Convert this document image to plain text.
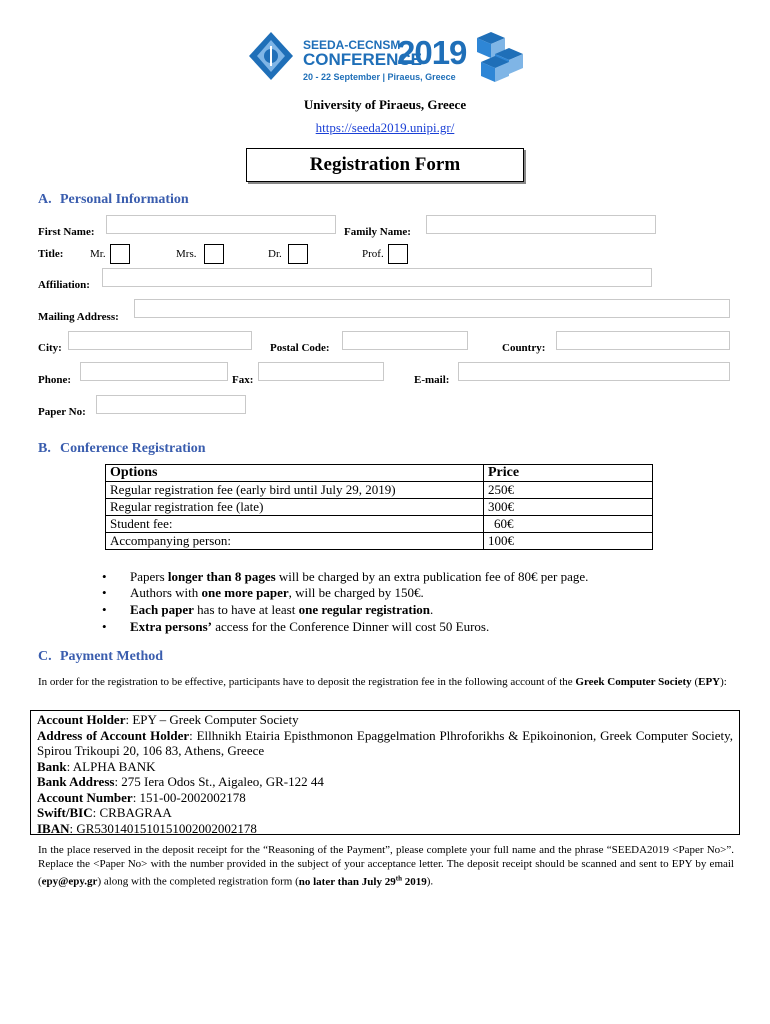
SEEDA-CECNSM
CONFERENCE
2019
20 - 22 September | Piraeus, Greece
University of Piraeus, Greece
https://seeda2019.unipi.gr/
Registration Form
A. Personal Information
First Name:	Family Name:
Title: Mr.	Mrs.	Dr.	Prof.
Affiliation:
Mailing Address:
City:	Postal Code:	Country:
Phone:	Fax:	E-mail:
Paper No:
B. Conference Registration
Options	Price
Regular registration fee (early bird until July 29, 2019)	250€
Regular registration fee (late)	300€
Student fee:	60€
Accompanying person:	100€
• Papers longer than 8 pages will be charged by an extra publication fee of 80€ per page.
• Authors with one more paper, will be charged by 150€.
• Each paper has to have at least one regular registration.
• Extra persons’ access for the Conference Dinner will cost 50 Euros.
C. Payment Method
In order for the registration to be effective, participants have to deposit the registration fee in the following account of the Greek Computer Society (EPY):

Account Holder: EPY – Greek Computer Society

Address of Account Holder: Ellhnikh Etairia Episthmonon Epaggelmation Plhroforikhs & Epikoinonion, Greek Computer Society, Spirou Trikoupi 20, 106 83, Athens, Greece

Bank: ALPHA BANK

Bank Address: 275 Iera Odos St., Aigaleo, GR-122 44

Account Number: 151-00-2002002178

Swift/BIC: CRBAGRAA

IBAN: GR5301401510151002002002178

In the place reserved in the deposit receipt for the “Reasoning of the Payment”, please complete your full name and the phrase “SEEDA2019 <Paper No>”. Replace the <Paper No> with the number provided in the subject of your acceptance letter. The deposit receipt should be scanned and sent to EPY by email (epy@epy.gr) along with the completed registration form (no later than July 29th 2019).
